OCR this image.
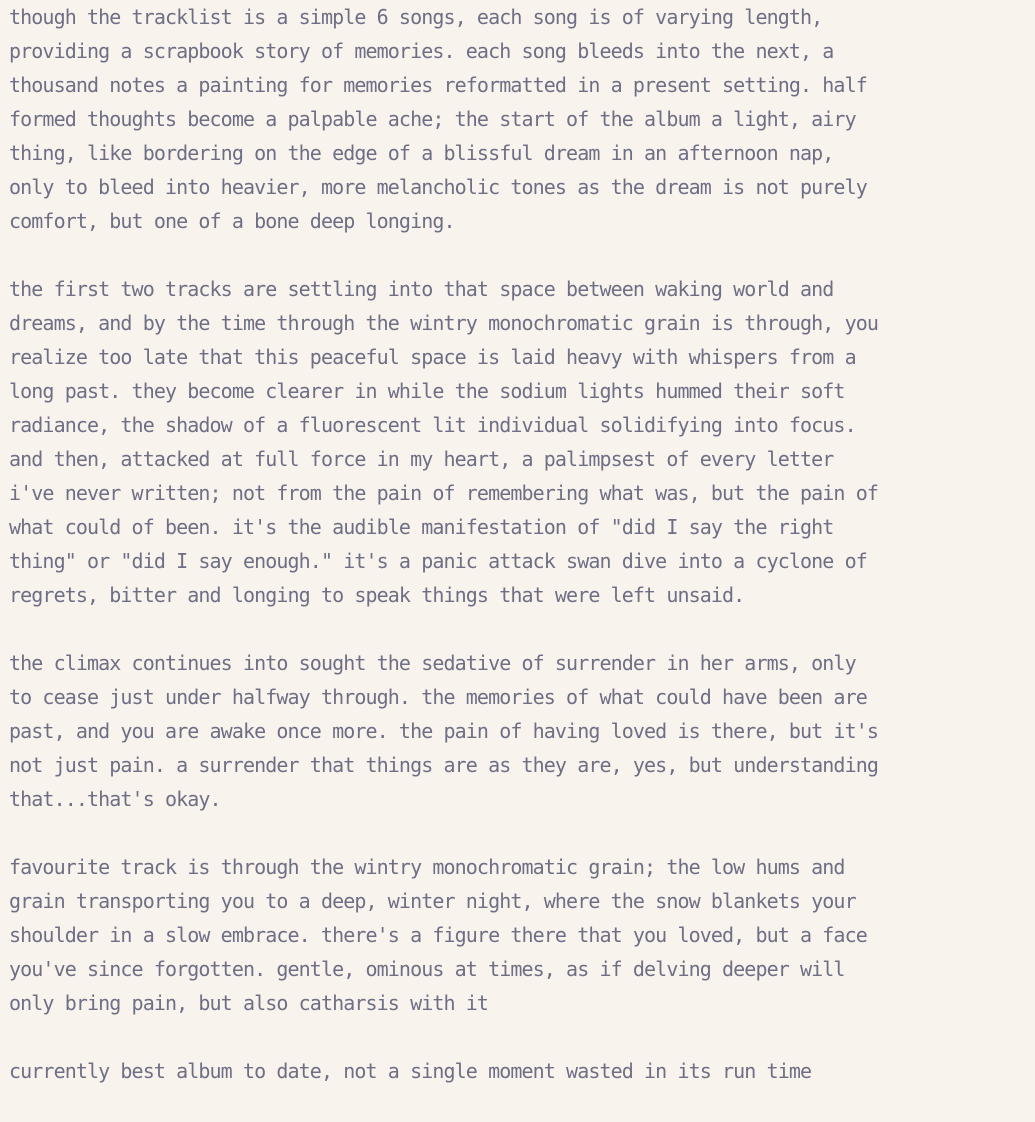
though the tracklist is a simple 6 songs, each song is of varying length,
providing a scrapbook story of memories. each song bleeds into the next, a
thousand notes a painting for memories reformatted in a present setting. half
formed thoughts become a palpable ache; the start of the album a light, airy
thing, like bordering on the edge of a blissful dream in an afternoon nap,
only to bleed into heavier, more melancholic tones as the dream is not purely
comfort, but one of a bone deep longing.
the first two tracks are settling into that space between waking world and
dreams, and by the time through the wintry monochromatic grain is through, you
realize too late that this peaceful space is laid heavy with whispers from a
long past. they become clearer in while the sodium lights hummed their soft
radiance, the shadow of a fluorescent lit individual solidifying into focus.
and then, attacked at full force in my heart, a palimpsest of every letter
i've never written; not from the pain of remembering what was, but the pain of
what could of been. it's the audible manifestation of "did I say the right
thing" or "did I say enough." it's a panic attack swan dive into a cyclone of
regrets, bitter and longing to speak things that were left unsaid.
the climax continues into sought the sedative of surrender in her arms, only
to cease just under halfway through. the memories of what could have been are
past, and you are awake once more. the pain of having loved is there, but it's
not just pain. a surrender that things are as they are, yes, but understanding
that...that's okay.
favourite track is through the wintry monochromatic grain; the low hums and
grain transporting you to a deep, winter night, where the snow blankets your
shoulder in a slow embrace. there's a figure there that you loved, but a face
you've since forgotten. gentle, ominous at times, as if delving deeper will
only bring pain, but also catharsis with it
currently best album to date, not a single moment wasted in its run time
